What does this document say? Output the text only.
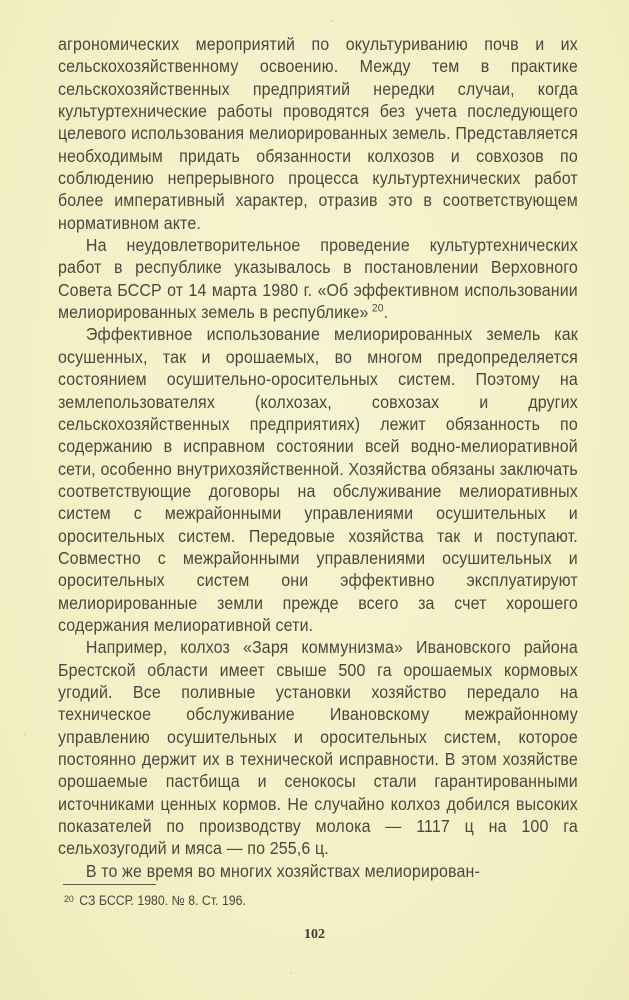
агрономических мероприятий по окультуриванию почв и их сельскохозяйственному освоению. Между тем в практике сельскохозяйственных предприятий нередки случаи, когда культуртехнические работы проводятся без учета последующего целевого использования мелиорированных земель. Представляется необходимым придать обязанности колхозов и совхозов по соблюдению непрерывного процесса культуртехнических работ более императивный характер, отразив это в соответствующем нормативном акте.

На неудовлетворительное проведение культуртехнических работ в республике указывалось в постановлении Верховного Совета БССР от 14 марта 1980 г. «Об эффективном использовании мелиорированных земель в республике»  $^{20}$.

Эффективное использование мелиорированных земель как осушенных, так и орошаемых, во многом предопределяется состоянием осушительно-оросительных систем. Поэтому на землепользователях (колхозах, совхозах и других сельскохозяйственных предприятиях) лежит обязанность по содержанию в исправном состоянии всей водно-мелиоративной сети, особенно внутрихозяйственной. Хозяйства обязаны заключать соответствующие договоры на обслуживание мелиоративных систем с межрайонными управлениями осушительных и оросительных систем. Передовые хозяйства так и поступают. Совместно с межрайонными управлениями осушительных и оросительных систем они эффективно эксплуатируют мелиорированные земли прежде всего за счет хорошего содержания мелиоративной сети.

Например, колхоз «Заря коммунизма» Ивановского района Брестской области имеет свыше 500 га орошаемых кормовых угодий. Все поливные установки хозяйство передало на техническое обслуживание Ивановскому межрайонному управлению осушительных и оросительных систем, которое постоянно держит их в технической исправности. В этом хозяйстве орошаемые пастбища и сенокосы стали гарантированными источниками ценных кормов. Не случайно колхоз добился высоких показателей по производству молока — 1117 ц на 100 га сельхозугодий и мяса — по 255,6 ц.

В то же время во многих хозяйствах мелиорирован-

$^{20}$ СЗ БССР. 1980. № 8. Ст. 196.
102
